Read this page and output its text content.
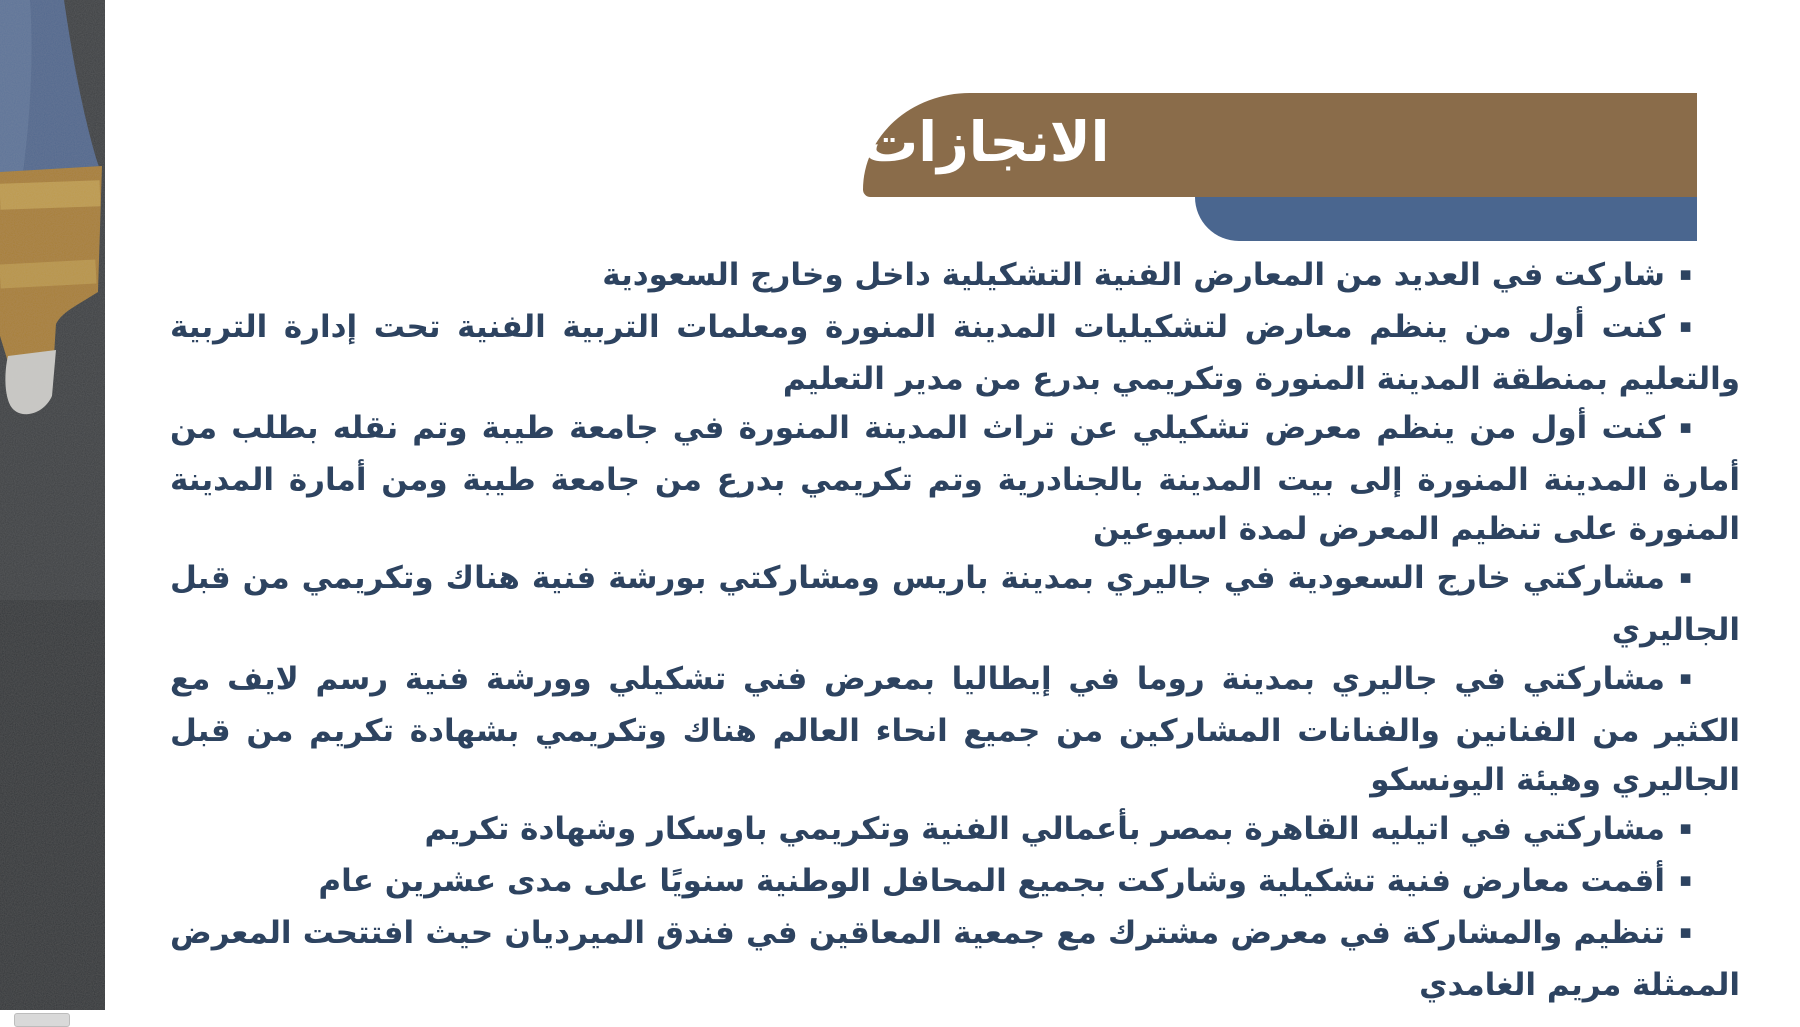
الانجازات

▪شاركت في العديد من المعارض الفنية التشكيلية داخل وخارج السعودية

▪كنت أول من ينظم معارض لتشكيليات المدينة المنورة ومعلمات التربية الفنية تحت إدارة التربية والتعليم بمنطقة المدينة المنورة وتكريمي بدرع من مدير التعليم

▪كنت أول من ينظم معرض تشكيلي عن تراث المدينة المنورة في جامعة طيبة وتم نقله بطلب من أمارة المدينة المنورة إلى بيت المدينة بالجنادرية وتم تكريمي بدرع من جامعة طيبة ومن أمارة المدينة المنورة على تنظيم المعرض لمدة اسبوعين

▪مشاركتي خارج السعودية في جاليري بمدينة باريس ومشاركتي بورشة فنية هناك وتكريمي من قبل الجاليري

▪مشاركتي في جاليري بمدينة روما في إيطاليا بمعرض فني تشكيلي وورشة فنية رسم لايف مع الكثير من الفنانين والفنانات المشاركين من جميع انحاء العالم هناك وتكريمي بشهادة تكريم من قبل الجاليري وهيئة اليونسكو

▪مشاركتي في اتيليه القاهرة بمصر بأعمالي الفنية وتكريمي باوسكار وشهادة تكريم

▪أقمت معارض فنية تشكيلية وشاركت بجميع المحافل الوطنية سنويًا على مدى عشرين عام

▪تنظيم والمشاركة في معرض مشترك مع جمعية المعاقين في فندق الميرديان حيث افتتحت المعرض الممثلة مريم الغامدي
